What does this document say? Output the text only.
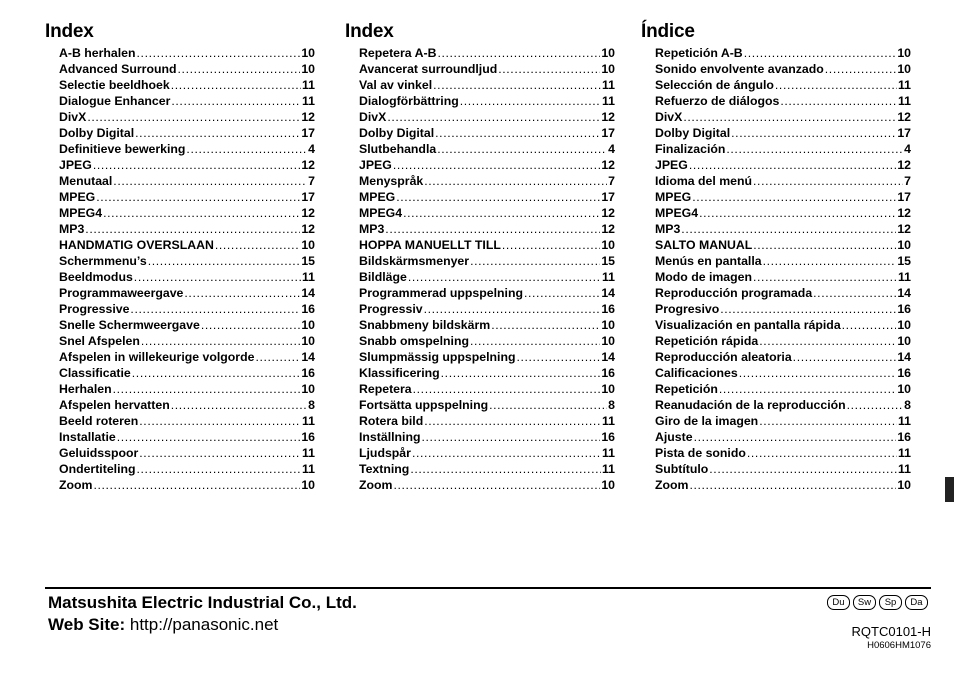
Index
A-B herhalen .....	10
Advanced Surround .....	10
Selectie beeldhoek .....	11
Dialogue Enhancer .....	11
DivX .....	12
Dolby Digital .....	17
Definitieve bewerking .....	4
JPEG .....	12
Menutaal .....	7
MPEG .....	17
MPEG4 .....	12
MP3 .....	12
HANDMATIG OVERSLAAN .....	10
Schermmenu’s .....	15
Beeldmodus .....	11
Programmaweergave .....	14
Progressive .....	16
Snelle Schermweergave .....	10
Snel Afspelen .....	10
Afspelen in willekeurige volgorde .....	14
Classificatie .....	16
Herhalen .....	10
Afspelen hervatten .....	8
Beeld roteren .....	11
Installatie .....	16
Geluidsspoor .....	11
Ondertiteling .....	11
Zoom .....	10
Index
Repetera A-B .....	10
Avancerat surroundljud .....	10
Val av vinkel .....	11
Dialogförbättring .....	11
DivX .....	12
Dolby Digital .....	17
Slutbehandla .....	4
JPEG .....	12
Menyspråk .....	7
MPEG .....	17
MPEG4 .....	12
MP3 .....	12
HOPPA MANUELLT TILL .....	10
Bildskärmsmenyer .....	15
Bildläge .....	11
Programmerad uppspelning .....	14
Progressiv .....	16
Snabbmeny bildskärm .....	10
Snabb omspelning .....	10
Slumpmässig uppspelning .....	14
Klassificering .....	16
Repetera .....	10
Fortsätta uppspelning .....	8
Rotera bild .....	11
Inställning .....	16
Ljudspår .....	11
Textning .....	11
Zoom .....	10
Índice
Repetición A-B .....	10
Sonido envolvente avanzado .....	10
Selección de ángulo .....	11
Refuerzo de diálogos .....	11
DivX .....	12
Dolby Digital .....	17
Finalización .....	4
JPEG .....	12
Idioma del menú .....	7
MPEG .....	17
MPEG4 .....	12
MP3 .....	12
SALTO MANUAL .....	10
Menús en pantalla .....	15
Modo de imagen .....	11
Reproducción programada .....	14
Progresivo .....	16
Visualización en pantalla rápida .....	10
Repetición rápida .....	10
Reproducción aleatoria .....	14
Calificaciones .....	16
Repetición .....	10
Reanudación de la reproducción .....	8
Giro de la imagen .....	11
Ajuste .....	16
Pista de sonido .....	11
Subtítulo .....	11
Zoom .....	10
Matsushita Electric Industrial Co., Ltd.
Web Site: http://panasonic.net
Du	Sw	Sp	Da
RQTC0101-H
H0606HM1076
